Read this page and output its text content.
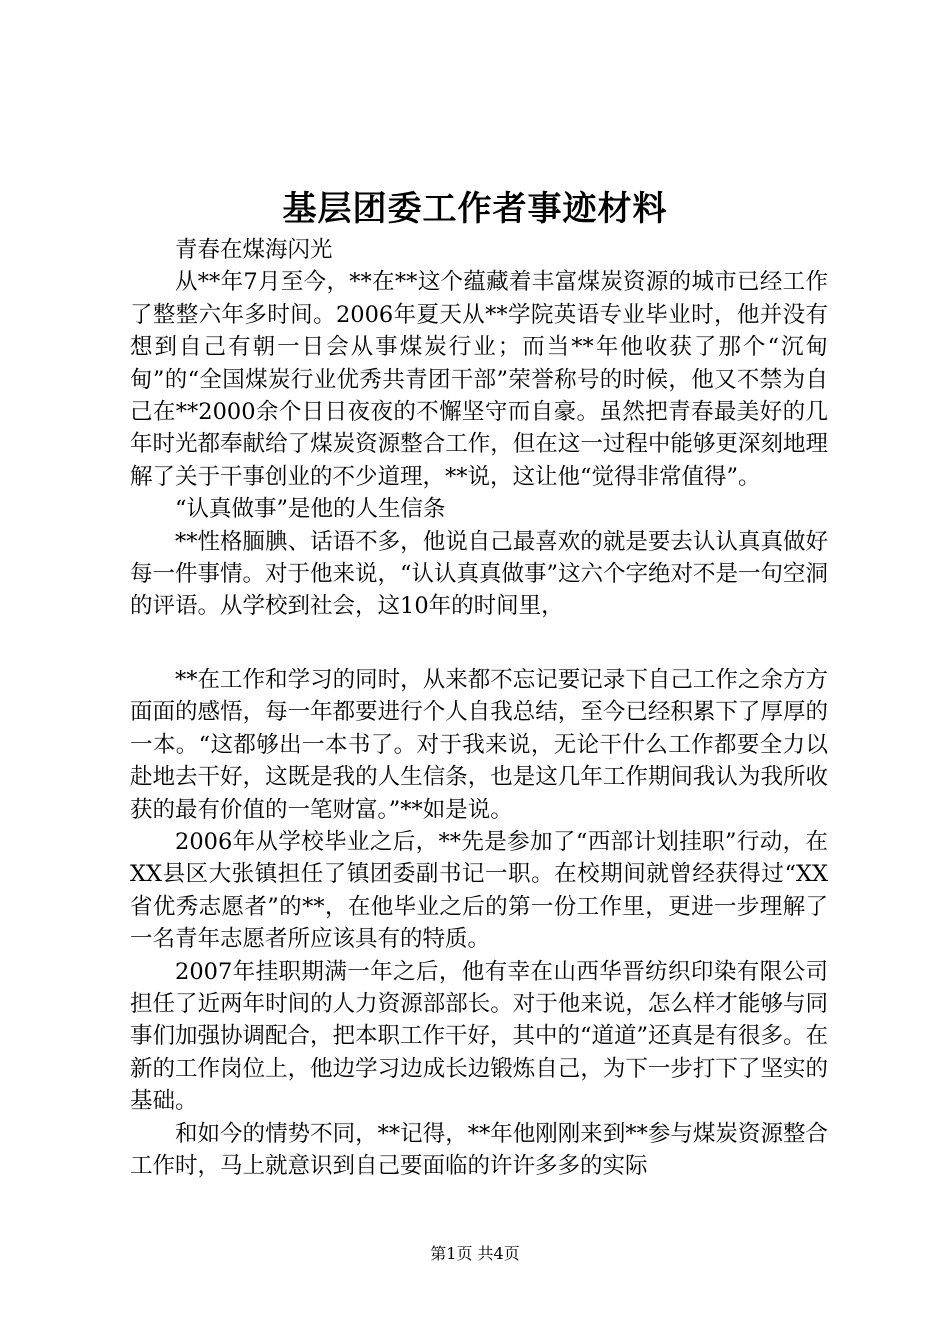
基层团委工作者事迹材料

青春在煤海闪光

从**年7月至今，**在**这个蕴藏着丰富煤炭资源的城市已经工作了整整六年多时间。2006年夏天从**学院英语专业毕业时，他并没有想到自己有朝一日会从事煤炭行业；而当**年他收获了那个“沉甸甸”的“全国煤炭行业优秀共青团干部”荣誉称号的时候，他又不禁为自己在**2000余个日日夜夜的不懈坚守而自豪。虽然把青春最美好的几年时光都奉献给了煤炭资源整合工作，但在这一过程中能够更深刻地理解了关于干事创业的不少道理，**说，这让他“觉得非常值得”。

“认真做事”是他的人生信条

**性格腼腆、话语不多，他说自己最喜欢的就是要去认认真真做好每一件事情。对于他来说，“认认真真做事”这六个字绝对不是一句空洞的评语。从学校到社会，这10年的时间里，

**在工作和学习的同时，从来都不忘记要记录下自己工作之余方方面面的感悟，每一年都要进行个人自我总结，至今已经积累下了厚厚的一本。“这都够出一本书了。对于我来说，无论干什么工作都要全力以赴地去干好，这既是我的人生信条，也是这几年工作期间我认为我所收获的最有价值的一笔财富。”**如是说。

2006年从学校毕业之后，**先是参加了“西部计划挂职”行动，在XX县区大张镇担任了镇团委副书记一职。在校期间就曾经获得过“XX省优秀志愿者”的**，在他毕业之后的第一份工作里，更进一步理解了一名青年志愿者所应该具有的特质。

2007年挂职期满一年之后，他有幸在山西华晋纺织印染有限公司担任了近两年时间的人力资源部部长。对于他来说，怎么样才能够与同事们加强协调配合，把本职工作干好，其中的“道道”还真是有很多。在新的工作岗位上，他边学习边成长边锻炼自己，为下一步打下了坚实的基础。

和如今的情势不同，**记得，**年他刚刚来到**参与煤炭资源整合工作时，马上就意识到自己要面临的许许多多的实际

第1页 共4页
